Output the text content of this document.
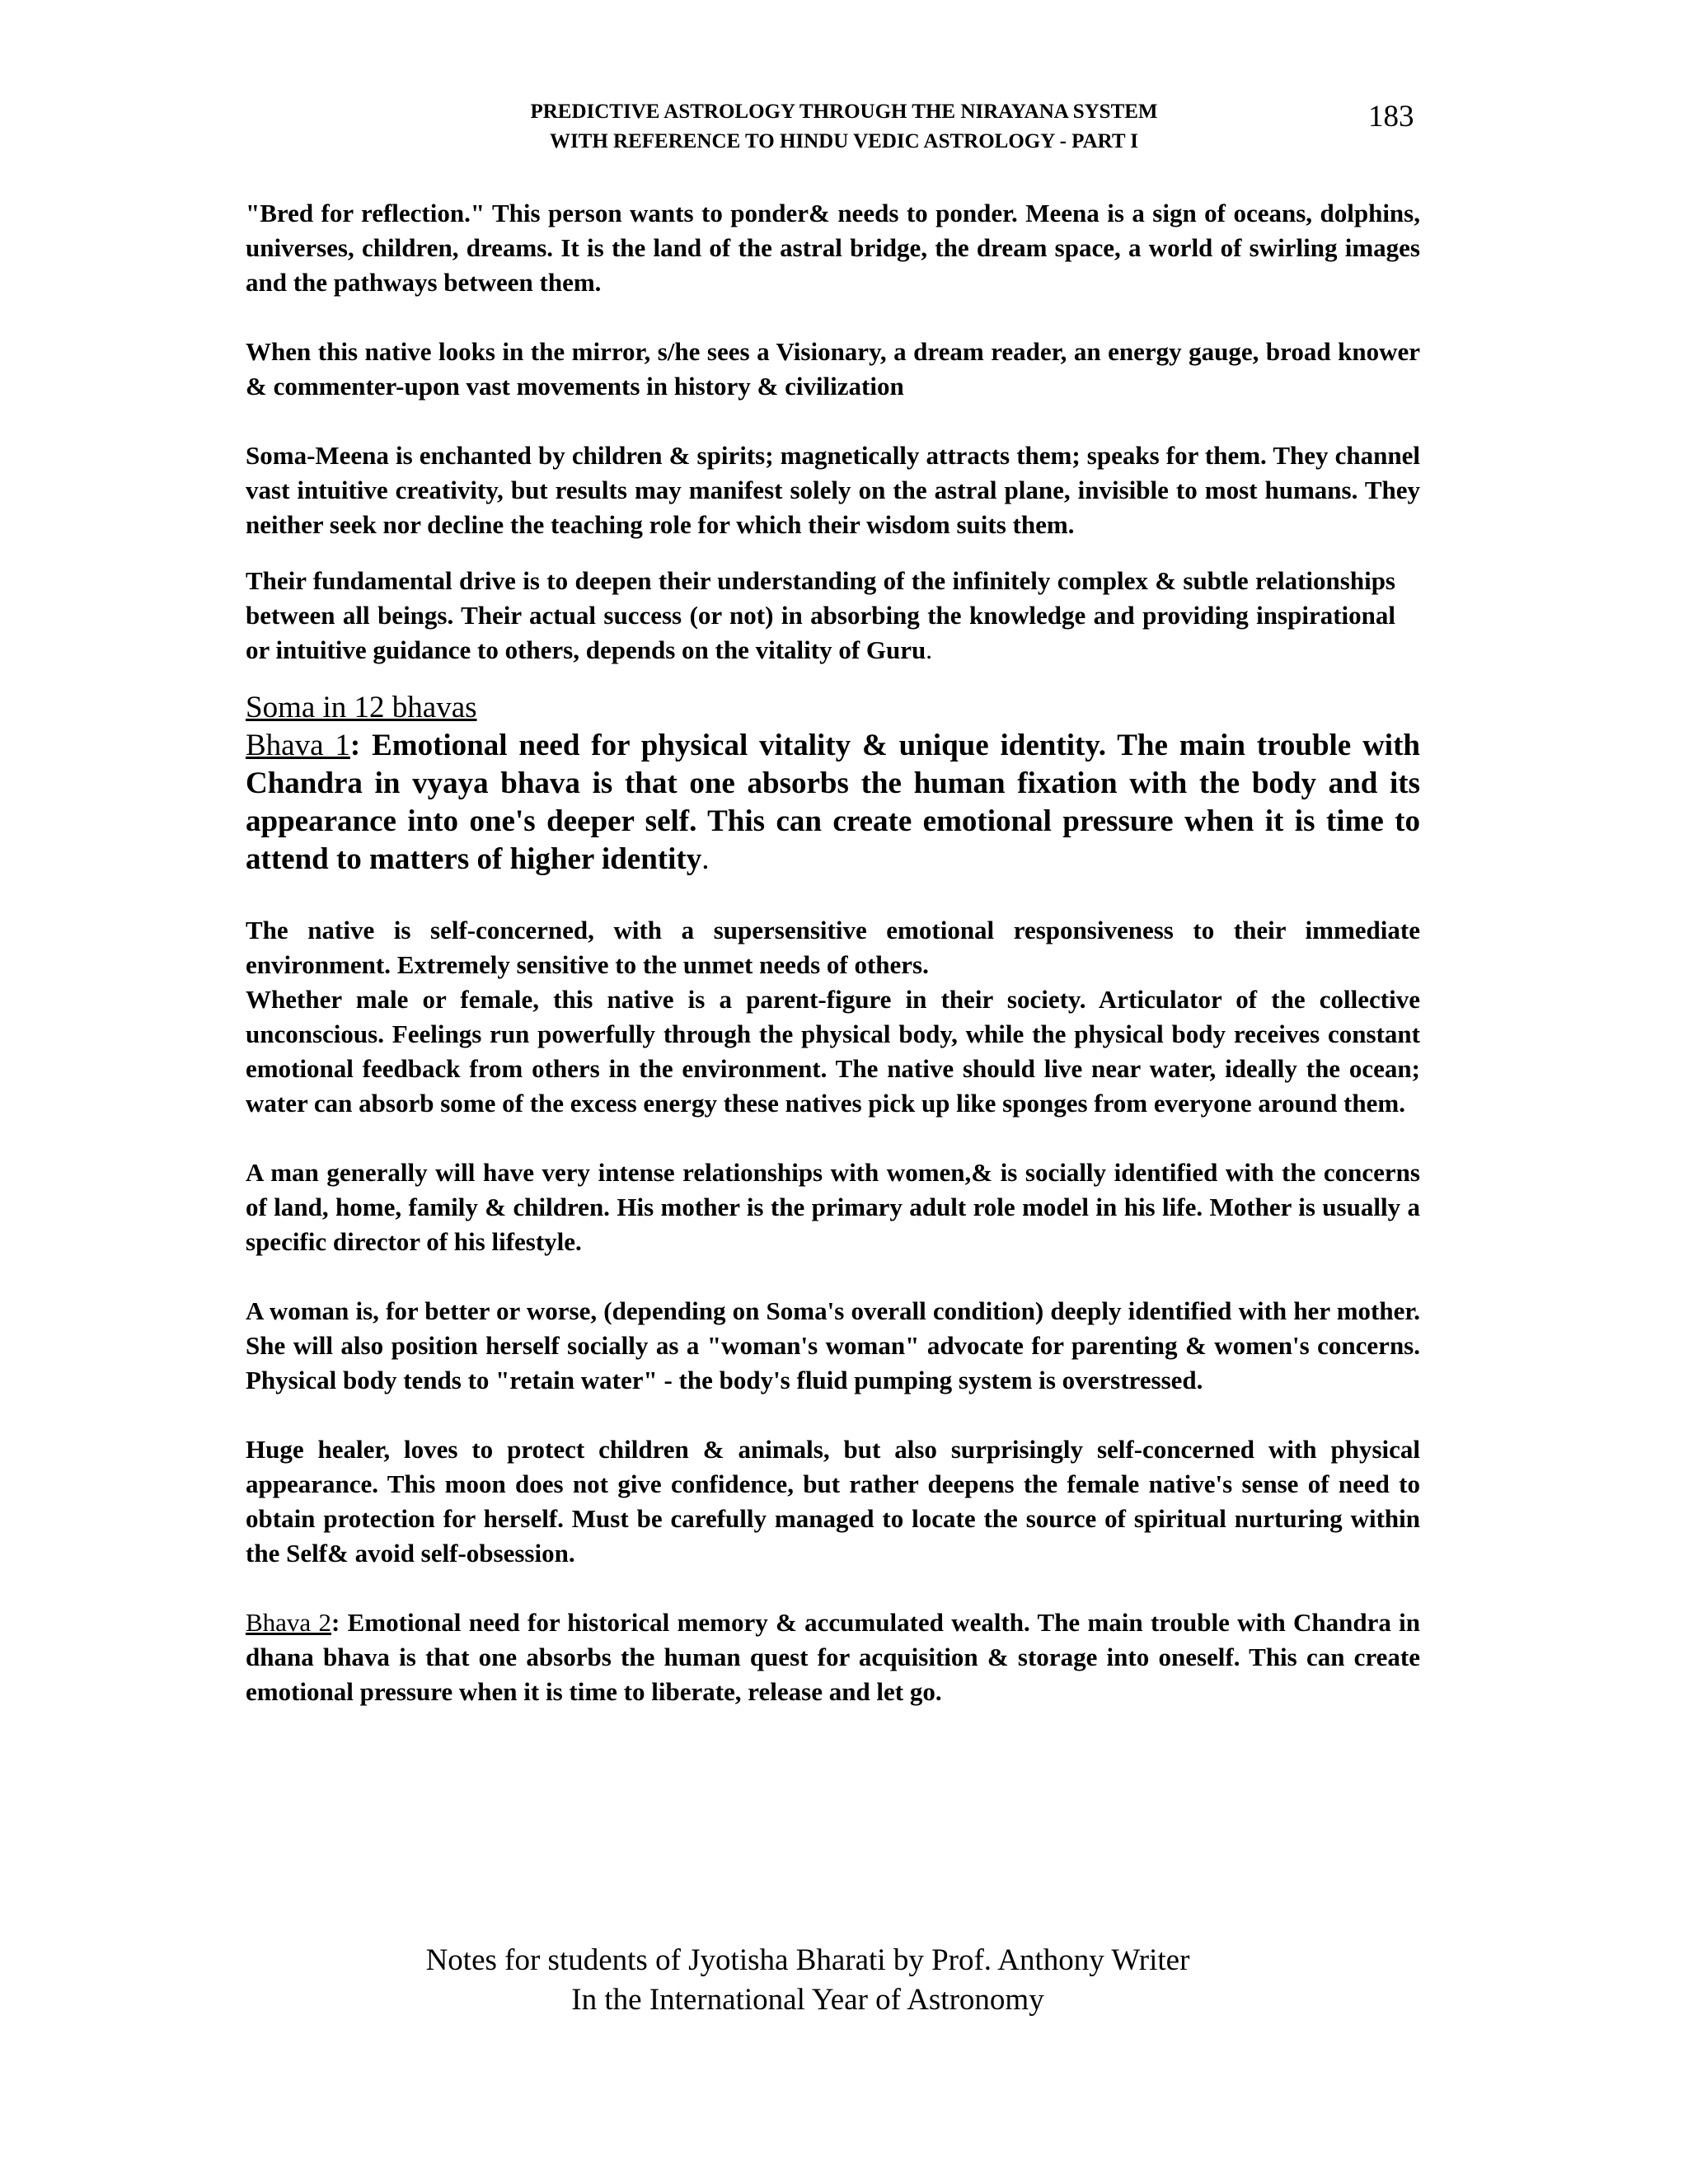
PREDICTIVE ASTROLOGY THROUGH THE NIRAYANA SYSTEM
WITH REFERENCE TO HINDU VEDIC ASTROLOGY - PART I
183

"Bred for reflection." This person wants to ponder& needs to ponder. Meena is a sign of oceans, dolphins, universes, children, dreams. It is the land of the astral bridge, the dream space, a world of swirling images and the pathways between them.

When this native looks in the mirror, s/he sees a Visionary, a dream reader, an energy gauge, broad knower & commenter-upon vast movements in history & civilization

Soma-Meena is enchanted by children & spirits; magnetically attracts them; speaks for them. They channel vast intuitive creativity, but results may manifest solely on the astral plane, invisible to most humans. They neither seek nor decline the teaching role for which their wisdom suits them.

Their fundamental drive is to deepen their understanding of the infinitely complex & subtle relationships between all beings. Their actual success (or not) in absorbing the knowledge and providing inspirational or intuitive guidance to others, depends on the vitality of Guru.

Soma in 12 bhavas

Bhava 1: Emotional need for physical vitality & unique identity. The main trouble with Chandra in vyaya bhava is that one absorbs the human fixation with the body and its appearance into one's deeper self. This can create emotional pressure when it is time to attend to matters of higher identity.

The native is self-concerned, with a supersensitive emotional responsiveness to their immediate environment. Extremely sensitive to the unmet needs of others.

Whether male or female, this native is a parent-figure in their society. Articulator of the collective unconscious. Feelings run powerfully through the physical body, while the physical body receives constant emotional feedback from others in the environment. The native should live near water, ideally the ocean; water can absorb some of the excess energy these natives pick up like sponges from everyone around them.

A man generally will have very intense relationships with women,& is socially identified with the concerns of land, home, family & children. His mother is the primary adult role model in his life. Mother is usually a specific director of his lifestyle.

A woman is, for better or worse, (depending on Soma's overall condition) deeply identified with her mother. She will also position herself socially as a "woman's woman" advocate for parenting & women's concerns. Physical body tends to "retain water" - the body's fluid pumping system is overstressed.

Huge healer, loves to protect children & animals, but also surprisingly self-concerned with physical appearance. This moon does not give confidence, but rather deepens the female native's sense of need to obtain protection for herself. Must be carefully managed to locate the source of spiritual nurturing within the Self& avoid self-obsession.

Bhava 2: Emotional need for historical memory & accumulated wealth. The main trouble with Chandra in dhana bhava is that one absorbs the human quest for acquisition & storage into oneself. This can create emotional pressure when it is time to liberate, release and let go.

Notes for students of Jyotisha Bharati by Prof. Anthony Writer
In the International Year of Astronomy
